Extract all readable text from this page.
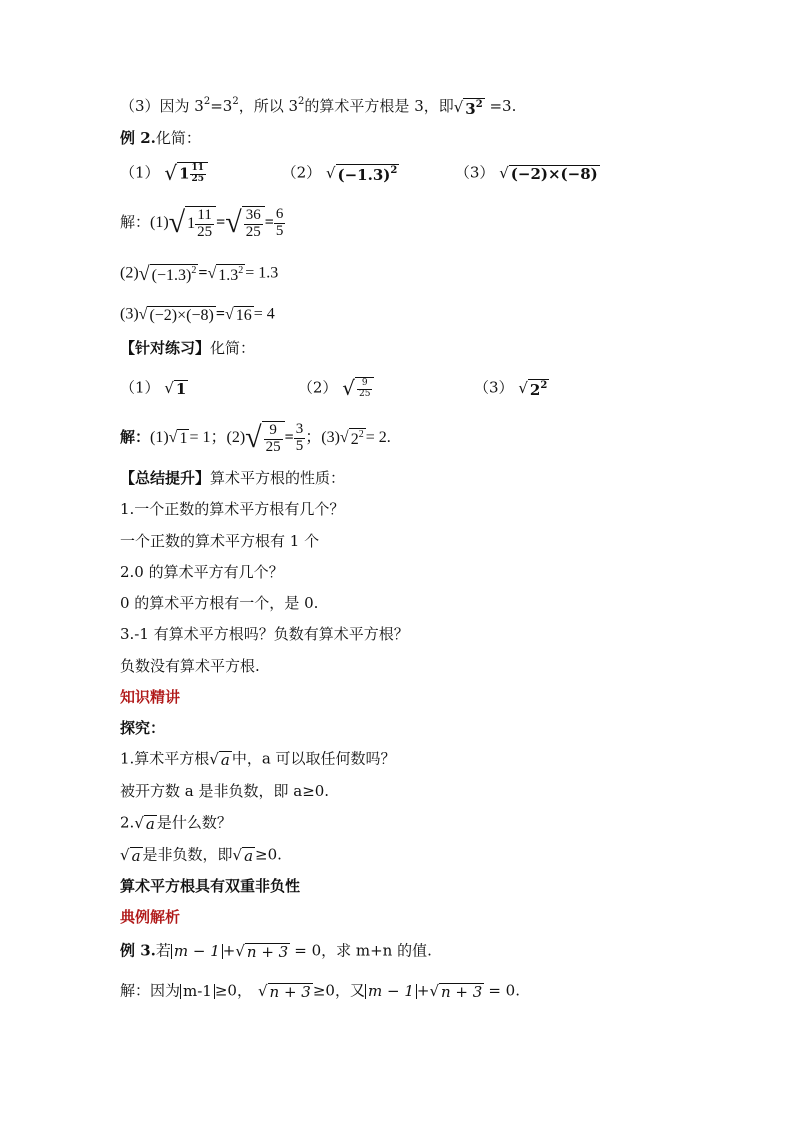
（3）因为 $3^2=3^2$，所以 $3^2$的算术平方根是 3，即√ $3^2 =3$.
例 2.化简：
（1） √ $1 \frac{11}{25}$	（2） √ $(-1.3)^2$	（3） √ (−2)×(−8)
解：(1)√ $1 \frac{11}{25}$ =√ $\frac{36}{25} = \frac{6}{5}$
(2)√ $(-1.3)^2$ =√ $1.3^2 = 1.3$
(3)√ (−2)×(−8) =√ 16 = 4
【针对练习】化简：
（1） √ 1	（2） √ $\frac{9}{25}$	（3） √ $2^2$
解：(1)√ 1 = 1；$(2)√ \frac{9}{25} = \frac{3}{5}$ ；(3)√ $2^2 = 2$.
【总结提升】算术平方根的性质：
1.一个正数的算术平方根有几个？
一个正数的算术平方根有 1 个
2.0 的算术平方有几个？
0 的算术平方根有一个，是 0.
3.-1 有算术平方根吗？负数有算术平方根？
负数没有算术平方根.
知识精讲
探究：
1.算术平方根√ a 中，a 可以取任何数吗？
被开方数 a 是非负数，即 a≥0.
2.√ a 是什么数？
√ a 是非负数，即√ a ≥0.
算术平方根具有双重非负性
典例解析
例 3.若 m − 1 +√ n + 3 = 0，求 m+n 的值.
解：因为 m-1 ≥0， √ n + 3 ≥0，又 m − 1 +√ n + 3 = 0.
